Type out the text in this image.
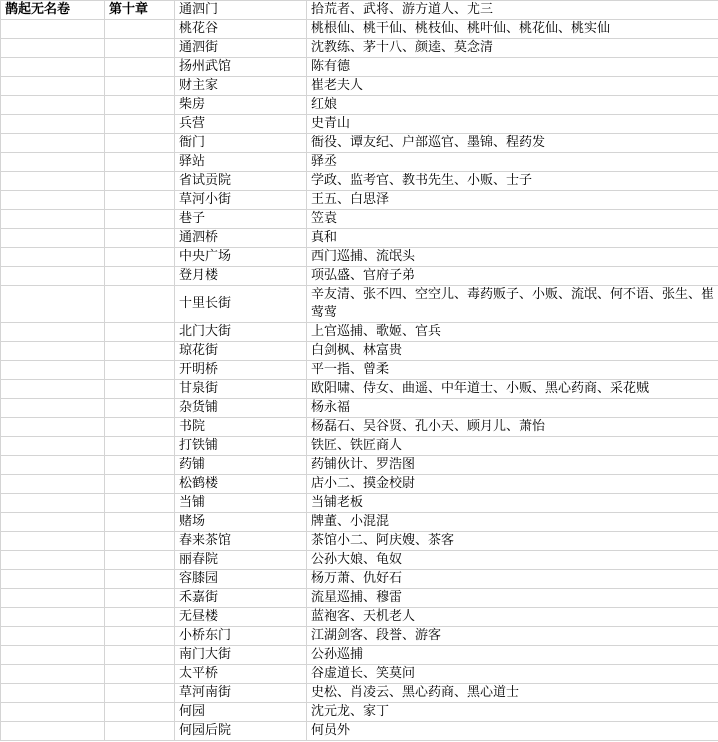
鹊起无名卷	第十章	通泗门	拾荒者、武将、游方道人、尤三
		桃花谷	桃根仙、桃干仙、桃枝仙、桃叶仙、桃花仙、桃实仙
		通泗街	沈教练、茅十八、颜逵、莫念清
		扬州武馆	陈有德
		财主家	崔老夫人
		柴房	红娘
		兵营	史青山
		衙门	衙役、谭友纪、户部巡官、墨锦、程药发
		驿站	驿丞
		省试贡院	学政、监考官、教书先生、小贩、士子
		草河小街	王五、白思泽
		巷子	笠袁
		通泗桥	真和
		中央广场	西门巡捕、流氓头
		登月楼	项弘盛、官府子弟
		十里长街	辛友清、张不四、空空儿、毒药贩子、小贩、流氓、何不语、张生、崔莺莺
		北门大街	上官巡捕、歌姬、官兵
		琼花街	白剑枫、林富贵
		开明桥	平一指、曾柔
		甘泉街	欧阳啸、侍女、曲遥、中年道士、小贩、黑心药商、采花贼
		杂货铺	杨永福
		书院	杨磊石、吴谷贤、孔小天、顾月儿、萧怡
		打铁铺	铁匠、铁匠商人
		药铺	药铺伙计、罗浩图
		松鹤楼	店小二、摸金校尉
		当铺	当铺老板
		赌场	牌董、小混混
		春来茶馆	茶馆小二、阿庆嫂、茶客
		丽春院	公孙大娘、龟奴
		容膝园	杨万萧、仇好石
		禾嘉街	流星巡捕、穆雷
		无昼楼	蓝袍客、天机老人
		小桥东门	江湖剑客、段誉、游客
		南门大街	公孙巡捕
		太平桥	谷虚道长、笑莫问
		草河南街	史松、肖凌云、黑心药商、黑心道士
		何园	沈元龙、家丁
		何园后院	何员外
